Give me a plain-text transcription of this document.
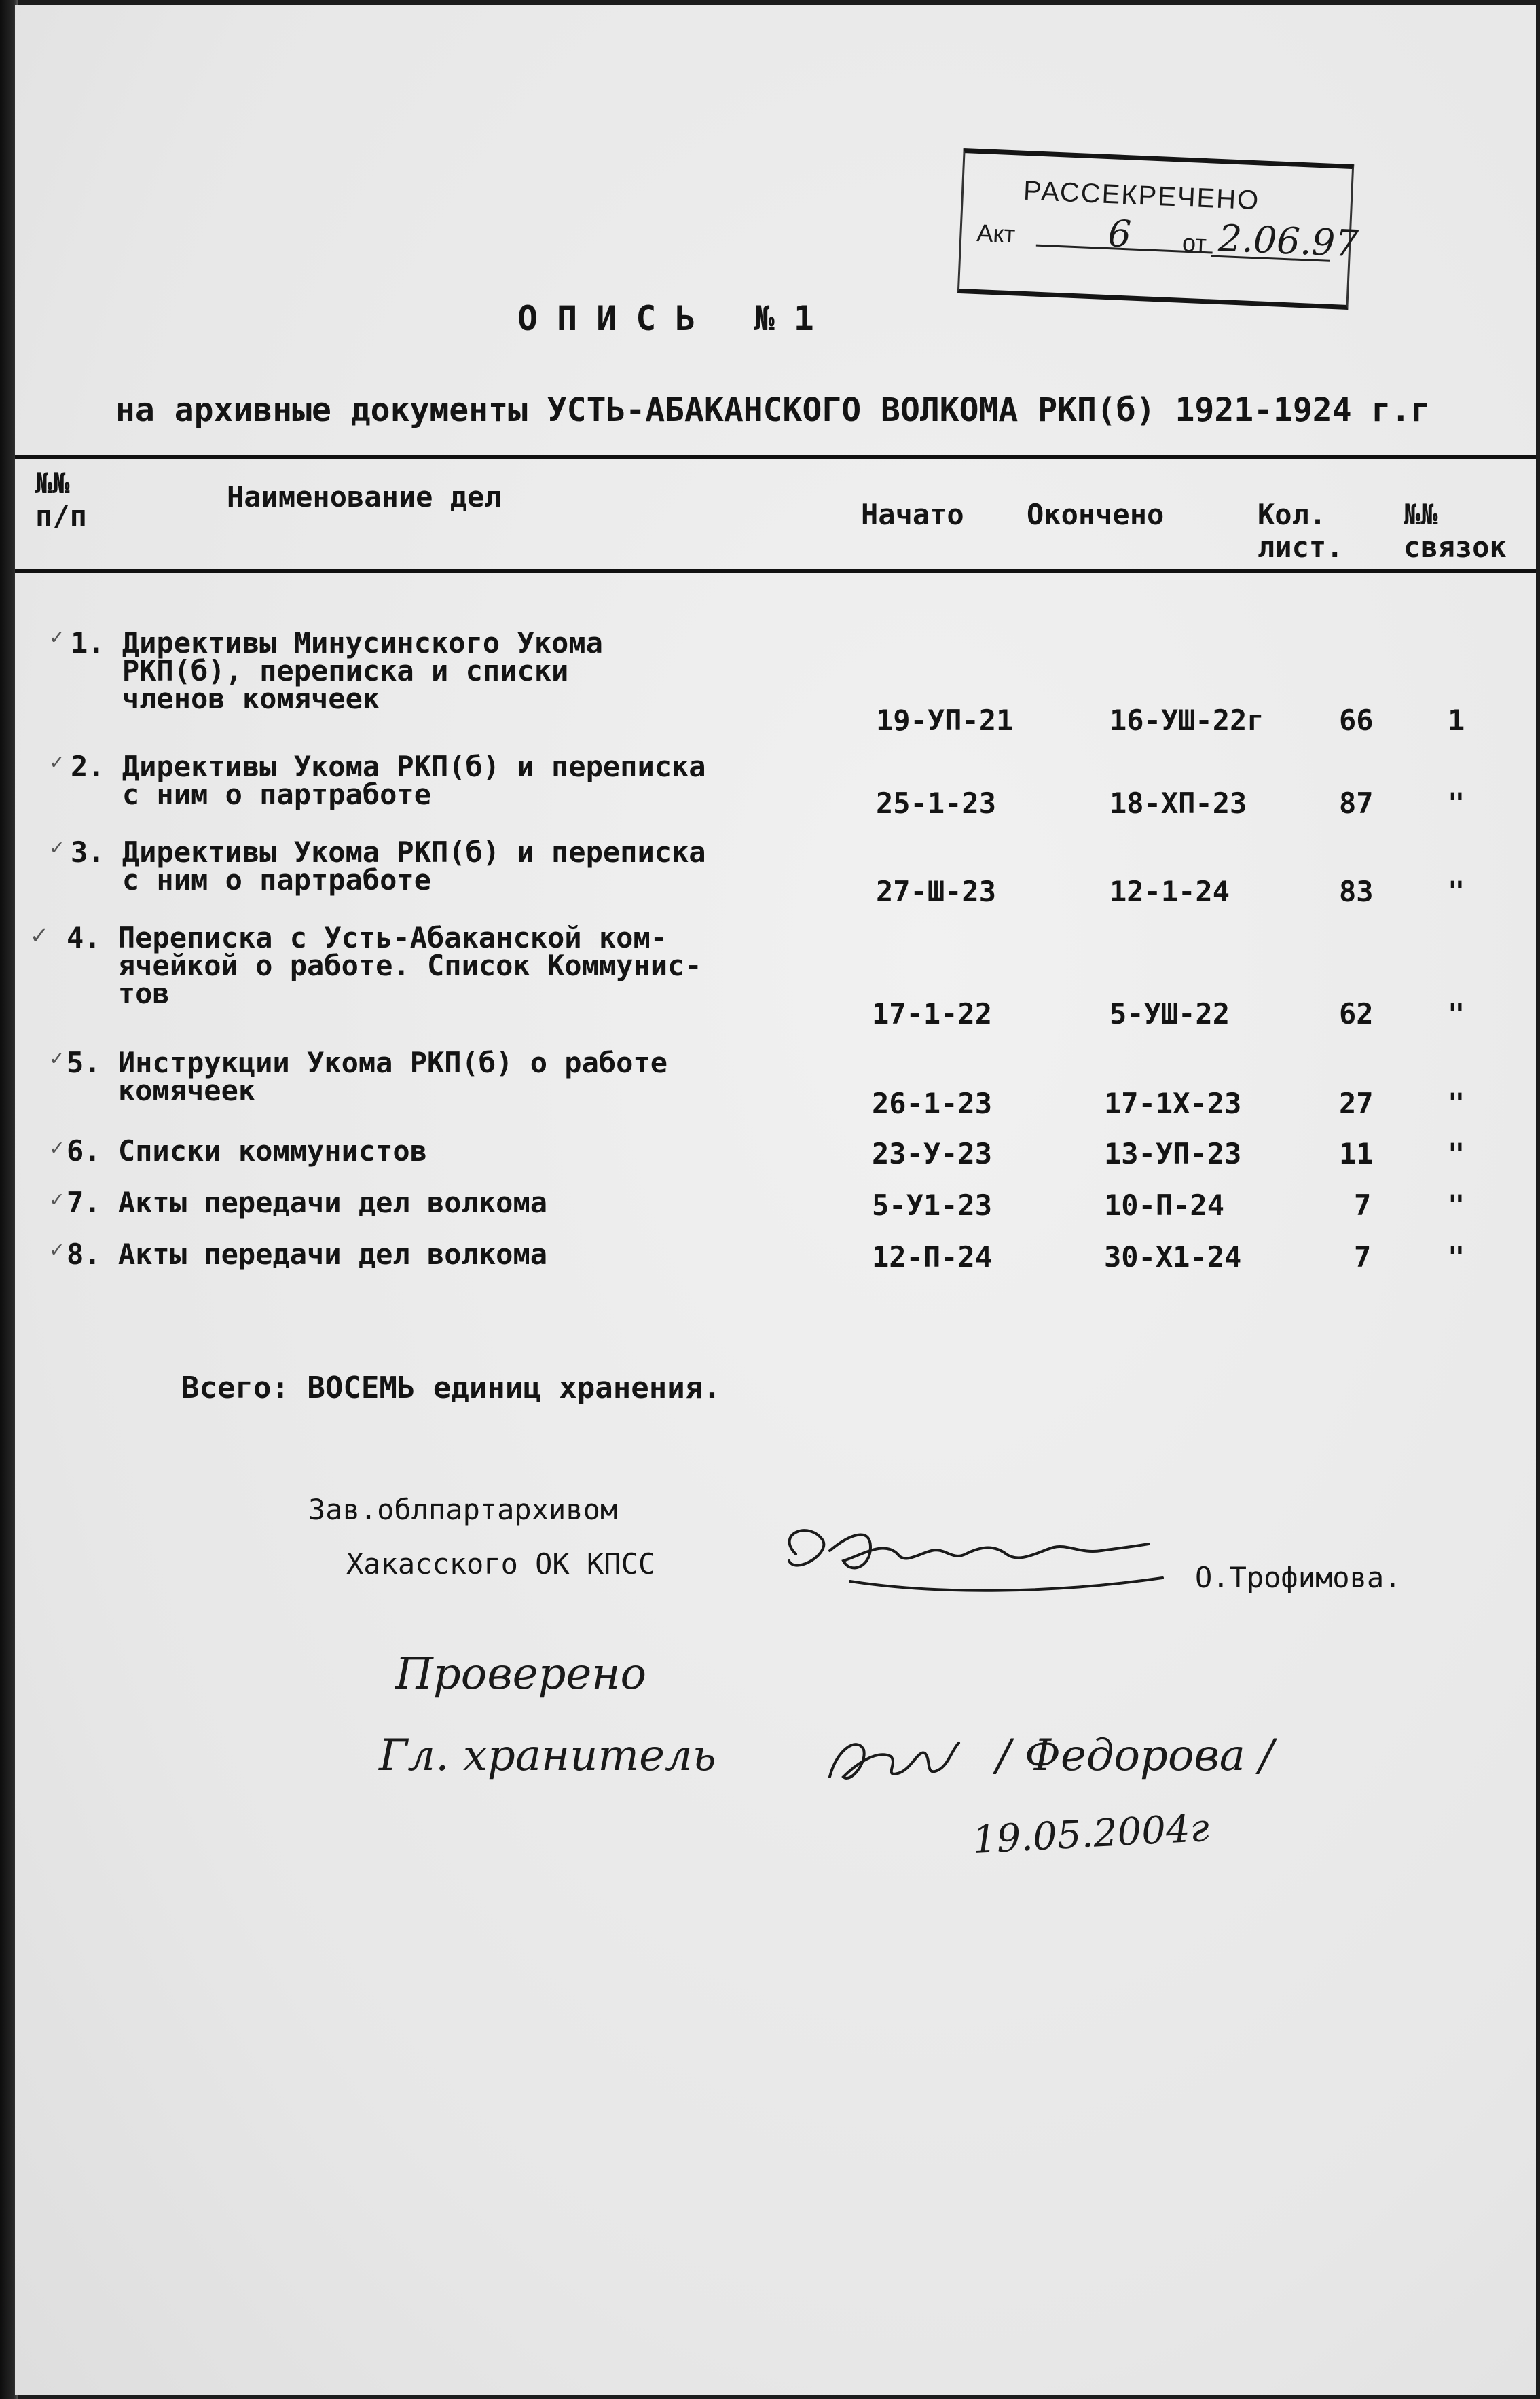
РАССЕКРЕЧЕНО
Акт 6 от 2.06.97
ОПИСЬ №1
на архивные документы УСТЬ-АБАКАНСКОГО ВОЛКОМА РКП(б) 1921-1924 г.г
№№ п/п
Наименование дел
Начато Окончено	Кол. лист.
№№ связок
✓ 1. Директивы Минусинского Укома
РКП(б), переписка и списки
членов комячеек
19-УП-21	16-УШ-22г	66	1
✓ 2. Директивы Укома РКП(б) и переписка
с ним о партработе	25-1-23	18-ХП-23	87	"
✓ 3. Директивы Укома РКП(б) и переписка
с ним о партработе	27-Ш-23	12-1-24	83	"
✓ 4. Переписка с Усть-Абаканской ком-
ячейкой о работе. Список Коммунис-
тов
17-1-22	5-УШ-22	62	"
✓ 5. Инструкции Укома РКП(б) о работе
комячеек	26-1-23	17-1Х-23	27	"
✓ 6. Списки коммунистов	23-У-23	13-УП-23	11	"
✓ 7. Акты передачи дел волкома	5-У1-23	10-П-24	7	"
✓ 8. Акты передачи дел волкома	12-П-24	30-Х1-24	7	"
Всего: ВОСЕМЬ единиц хранения.
Зав.облпартархивом
Хакасского ОК КПСС	О.Трофимова.
Проверено
Гл. хранитель	/ Федорова /
19.05.2004г
